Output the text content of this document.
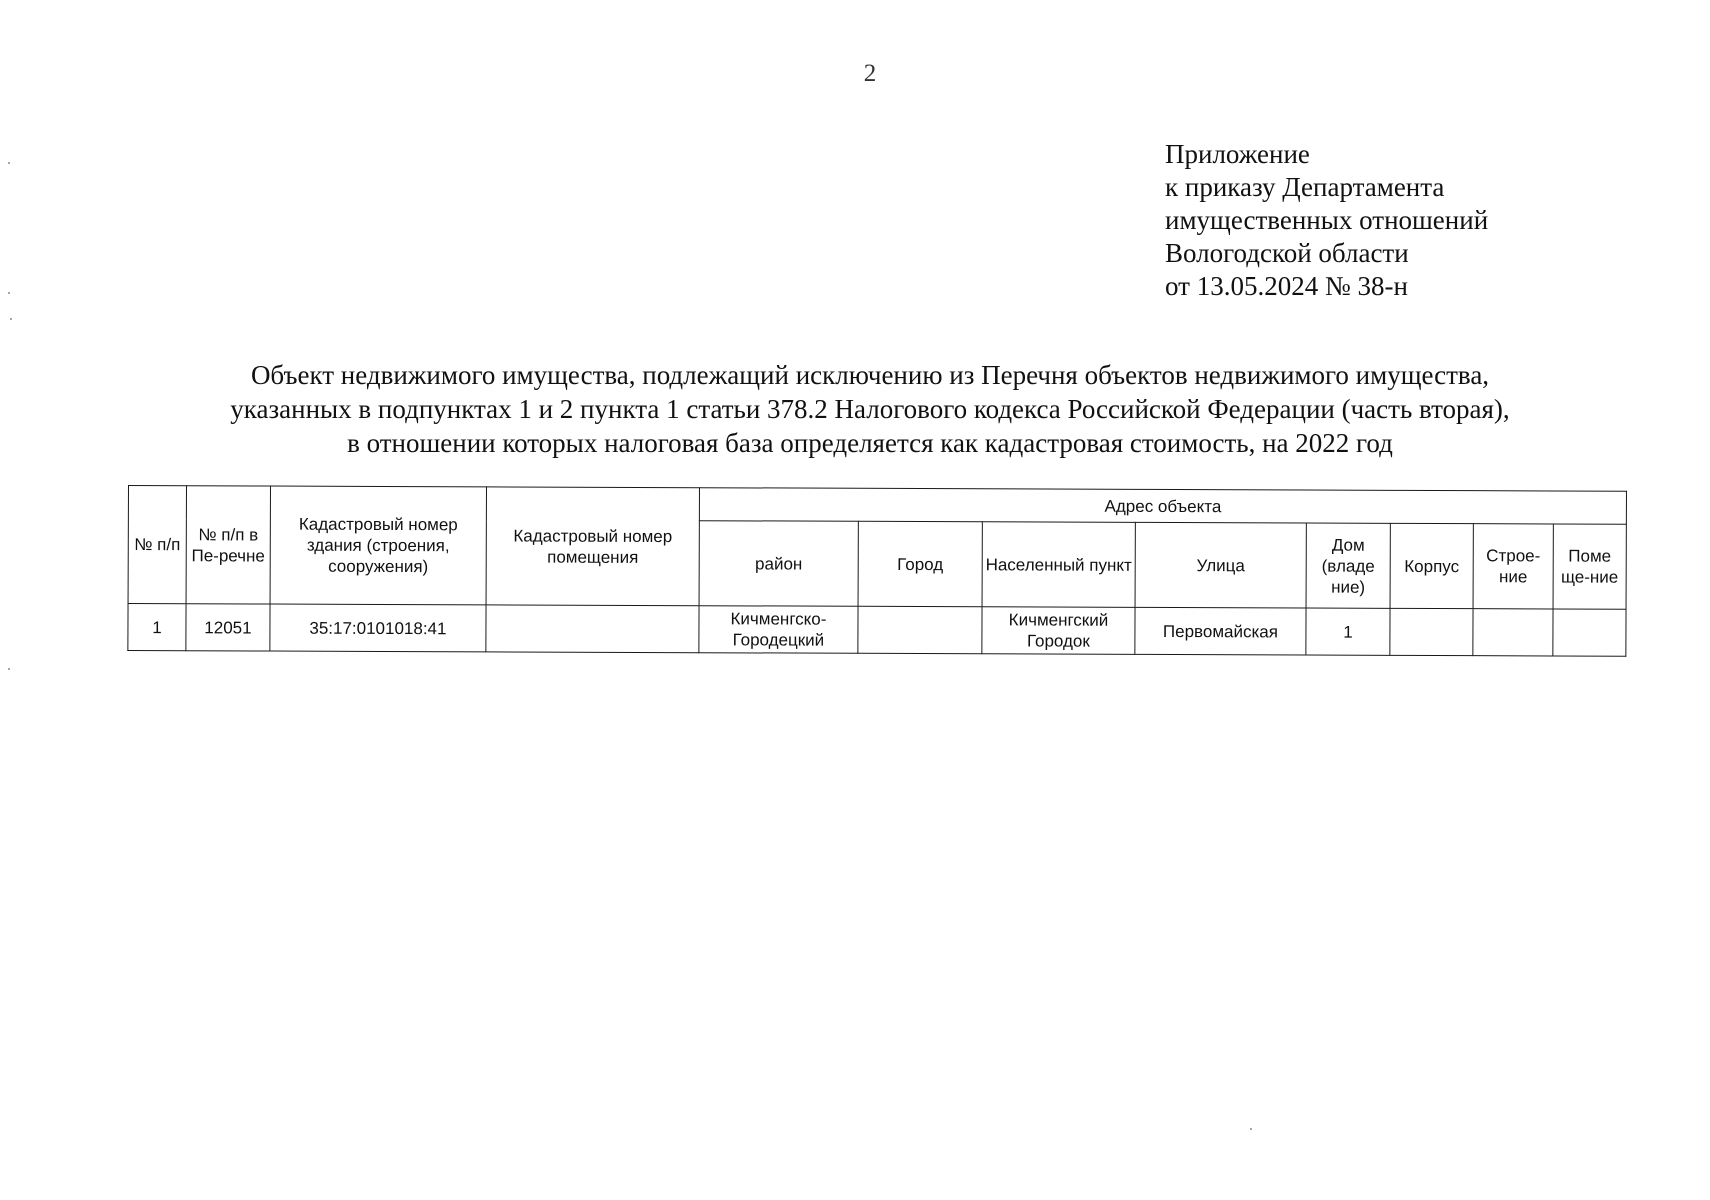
2
Приложение
к приказу Департамента
имущественных отношений
Вологодской области
от 13.05.2024 № 38-н
Объект недвижимого имущества, подлежащий исключению из Перечня объектов недвижимого имущества,
указанных в подпунктах 1 и 2 пункта 1 статьи 378.2 Налогового кодекса Российской Федерации (часть вторая),
в отношении которых налоговая база определяется как кадастровая стоимость, на 2022 год
№ п/п	№ п/п в Пе-речне	Кадастровый номер здания (строения, сооружения)	Кадастровый номер помещения	Адрес объекта							
				район	Город	Населенный пункт	Улица	Дом (владе ние)	Корпус	Строе-ние	Поме ще-ние
1	12051	35:17:0101018:41		Кичменгско-Городецкий		Кичменгский Городок	Первомайская	1			
